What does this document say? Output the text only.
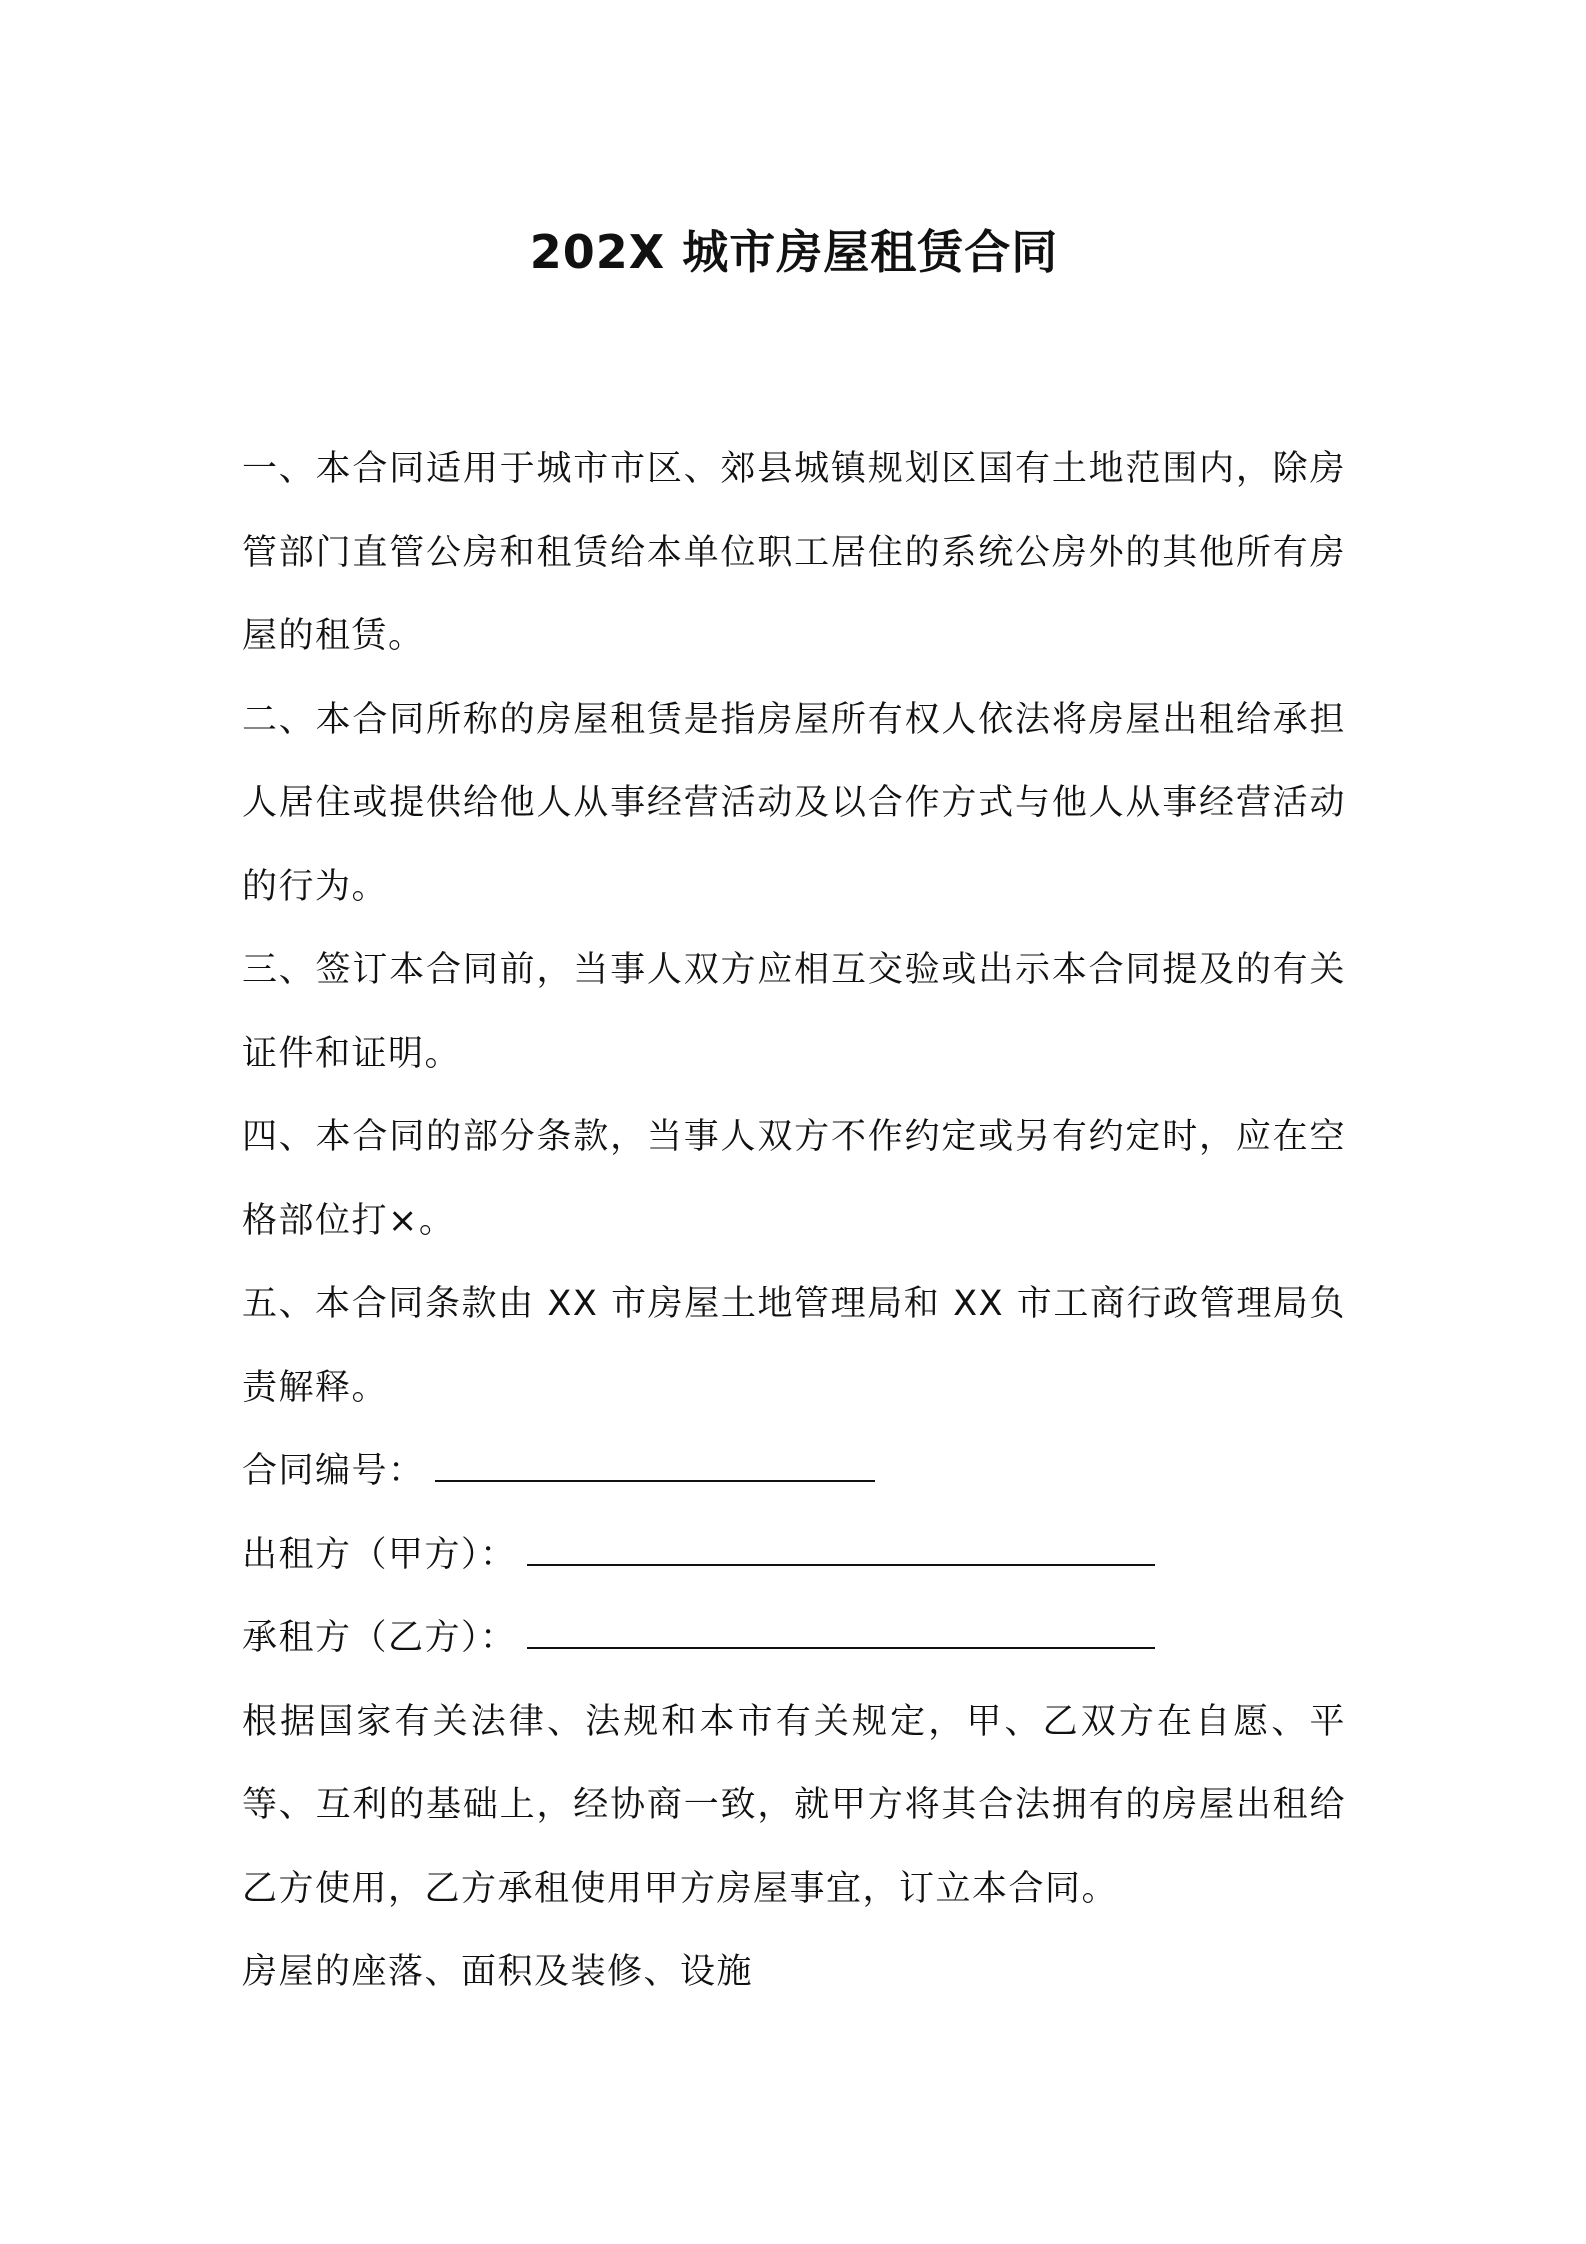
202X 城市房屋租赁合同

一、本合同适用于城市市区、郊县城镇规划区国有土地范围内，除房管部门直管公房和租赁给本单位职工居住的系统公房外的其他所有房屋的租赁。

二、本合同所称的房屋租赁是指房屋所有权人依法将房屋出租给承担人居住或提供给他人从事经营活动及以合作方式与他人从事经营活动的行为。

三、签订本合同前，当事人双方应相互交验或出示本合同提及的有关证件和证明。

四、本合同的部分条款，当事人双方不作约定或另有约定时，应在空格部位打×。

五、本合同条款由 XX 市房屋土地管理局和 XX 市工商行政管理局负责解释。

合同编号：

出租方（甲方）：

承租方（乙方）：

根据国家有关法律、法规和本市有关规定，甲、乙双方在自愿、平等、互利的基础上，经协商一致，就甲方将其合法拥有的房屋出租给乙方使用，乙方承租使用甲方房屋事宜，订立本合同。

房屋的座落、面积及装修、设施
